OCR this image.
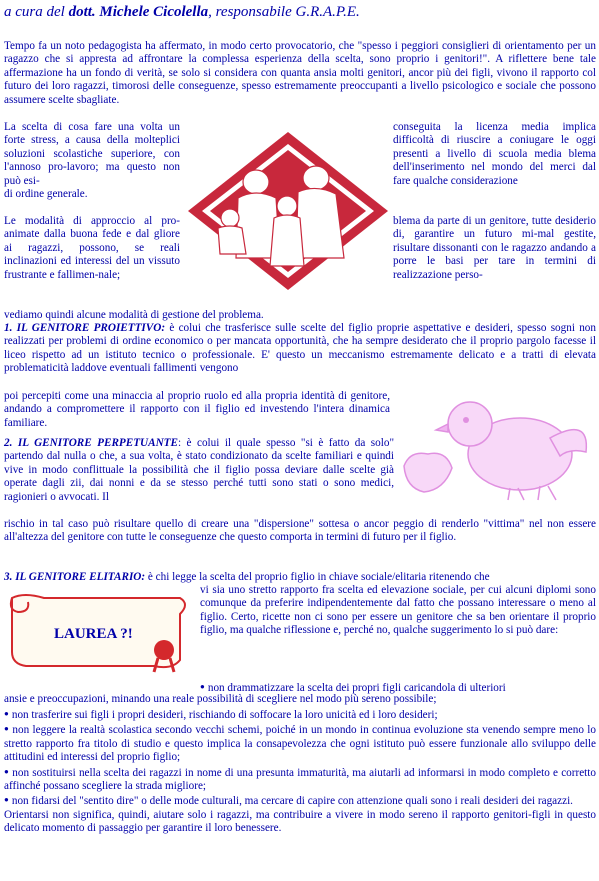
a cura del dott. Michele Cicolella, responsabile G.R.A.P.E.

Tempo fa un noto pedagogista ha affermato, in modo certo provocatorio, che "spesso i peggiori consiglieri di orientamento per un ragazzo che si appresta ad affrontare la complessa esperienza della scelta, sono proprio i genitori!". A riflettere bene tale affermazione ha un fondo di verità, se solo si considera con quanta ansia molti genitori, ancor più dei figli, vivono il rapporto col futuro dei loro ragazzi, timorosi delle conseguenze, spesso estremamente preoccupanti a livello psicologico e sociale che possono assumere scelte sbagliate.

La scelta di cosa fare una volta un forte stress, a causa della molteplici soluzioni scolastiche superiore, con l'annoso pro-lavoro; ma questo non può esi-

conseguita la licenza media implica difficoltà di riuscire a coniugare le oggi presenti a livello di scuola media blema dell'inserimento nel mondo del merci dal fare qualche considerazione

di ordine generale.

Le modalità di approccio al pro-animate dalla buona fede e dal gliore ai ragazzi, possono, se reali inclinazioni ed interessi del un vissuto frustrante e fallimen-nale;

blema da parte di un genitore, tutte desiderio di, garantire un futuro mi-mal gestite, risultare dissonanti con le ragazzo andando a porre le basi per tare in termini di realizzazione perso-

vediamo quindi alcune modalità di gestione del problema.

1. IL GENITORE PROIETTIVO: è colui che trasferisce sulle scelte del figlio proprie aspettative e desideri, spesso sogni non realizzati per problemi di ordine economico o per mancata opportunità, che ha sempre desiderato che il proprio pargolo facesse il liceo rispetto ad un istituto tecnico o professionale. E' questo un meccanismo estremamente delicato e a tratti di elevata problematicità laddove eventuali fallimenti vengono

poi percepiti come una minaccia al proprio ruolo ed alla propria identità di genitore, andando a compromettere il rapporto con il figlio ed investendo l'intera dinamica familiare.

2. IL GENITORE PERPETUANTE: è colui il quale spesso "si è fatto da solo" partendo dal nulla o che, a sua volta, è stato condizionato da scelte familiari e quindi vive in modo conflittuale la possibilità che il figlio possa deviare dalle scelte già operate dagli zii, dai nonni e da se stesso perché tutti sono stati o sono medici, ragionieri o avvocati. Il

rischio in tal caso può risultare quello di creare una "dispersione" sottesa o ancor peggio di renderlo "vittima" nel non essere all'altezza del genitore con tutte le conseguenze che questo comporta in termini di futuro per il figlio.

3. IL GENITORE ELITARIO: è chi legge la scelta del proprio figlio in chiave sociale/elitaria ritenendo che

LAUREA ?!

vi sia uno stretto rapporto fra scelta ed elevazione sociale, per cui alcuni diplomi sono comunque da preferire indipendentemente dal fatto che possano interessare o meno al figlio. Certo, ricette non ci sono per essere un genitore che sa ben orientare il proprio figlio, ma qualche riflessione e, perché no, qualche suggerimento lo si può dare:

● non drammatizzare la scelta dei propri figli caricandola di ulteriori

ansie e preoccupazioni, minando una reale possibilità di scegliere nel modo più sereno possibile;

● non trasferire sui figli i propri desideri, rischiando di soffocare la loro unicità ed i loro desideri;

● non leggere la realtà scolastica secondo vecchi schemi, poiché in un mondo in continua evoluzione sta venendo sempre meno lo stretto rapporto fra titolo di studio e questo implica la consapevolezza che ogni istituto può essere funzionale allo sviluppo delle attitudini ed interessi del proprio figlio;

● non sostituirsi nella scelta dei ragazzi in nome di una presunta immaturità, ma aiutarli ad informarsi in modo completo e corretto affinché possano scegliere la strada migliore;

● non fidarsi del "sentito dire" o delle mode culturali, ma cercare di capire con attenzione quali sono i reali desideri dei ragazzi.

Orientarsi non significa, quindi, aiutare solo i ragazzi, ma contribuire a vivere in modo sereno il rapporto genitori-figli in questo delicato momento di passaggio per garantire il loro benessere.
